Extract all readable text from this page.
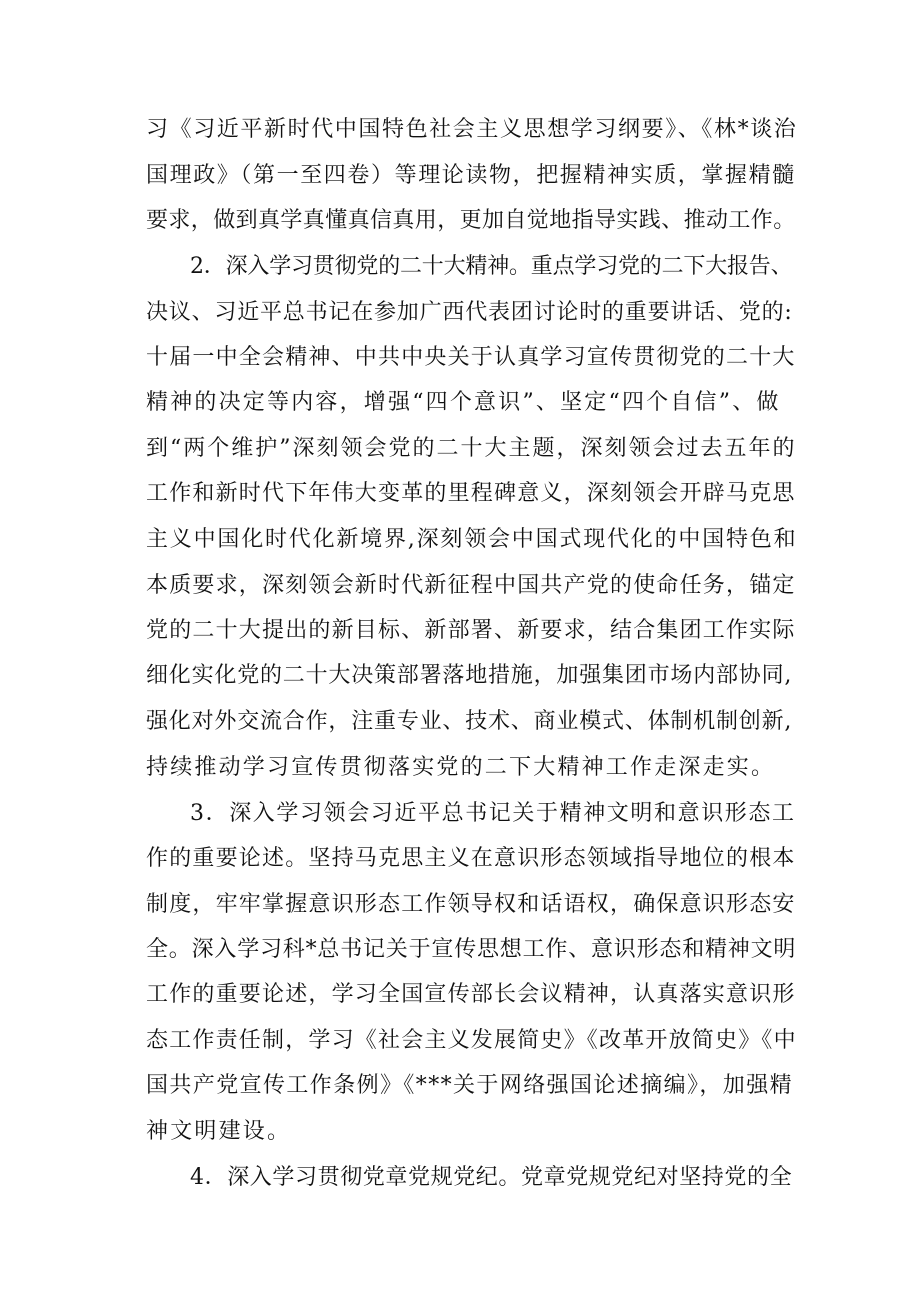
习《习近平新时代中国特色社会主义思想学习纲要》、《林*谈治
国理政》（第一至四卷）等理论读物，把握精神实质，掌握精髓
要求，做到真学真懂真信真用，更加自觉地指导实践、推动工作。
2．深入学习贯彻党的二十大精神。重点学习党的二下大报告、
决议、习近平总书记在参加广西代表团讨论时的重要讲话、党的:
十届一中全会精神、中共中央关于认真学习宣传贯彻党的二十大
精神的决定等内容，增强“四个意识”、坚定“四个自信”、做
到“两个维护”深刻领会党的二十大主题，深刻领会过去五年的
工作和新时代下年伟大变革的里程碑意义，深刻领会开辟马克思
主义中国化时代化新境界,深刻领会中国式现代化的中国特色和
本质要求，深刻领会新时代新征程中国共产党的使命任务，锚定
党的二十大提出的新目标、新部署、新要求，结合集团工作实际
细化实化党的二十大决策部署落地措施，加强集团市场内部协同,
强化对外交流合作，注重专业、技术、商业模式、体制机制创新,
持续推动学习宣传贯彻落实党的二下大精神工作走深走实。
3．深入学习领会习近平总书记关于精神文明和意识形态工
作的重要论述。坚持马克思主义在意识形态领域指导地位的根本
制度，牢牢掌握意识形态工作领导权和话语权，确保意识形态安
全。深入学习科*总书记关于宣传思想工作、意识形态和精神文明
工作的重要论述，学习全国宣传部长会议精神，认真落实意识形
态工作责任制，学习《社会主义发展简史》《改革开放简史》《中
国共产党宣传工作条例》《***关于网络强国论述摘编》，加强精
神文明建设。
4．深入学习贯彻党章党规党纪。党章党规党纪对坚持党的全
